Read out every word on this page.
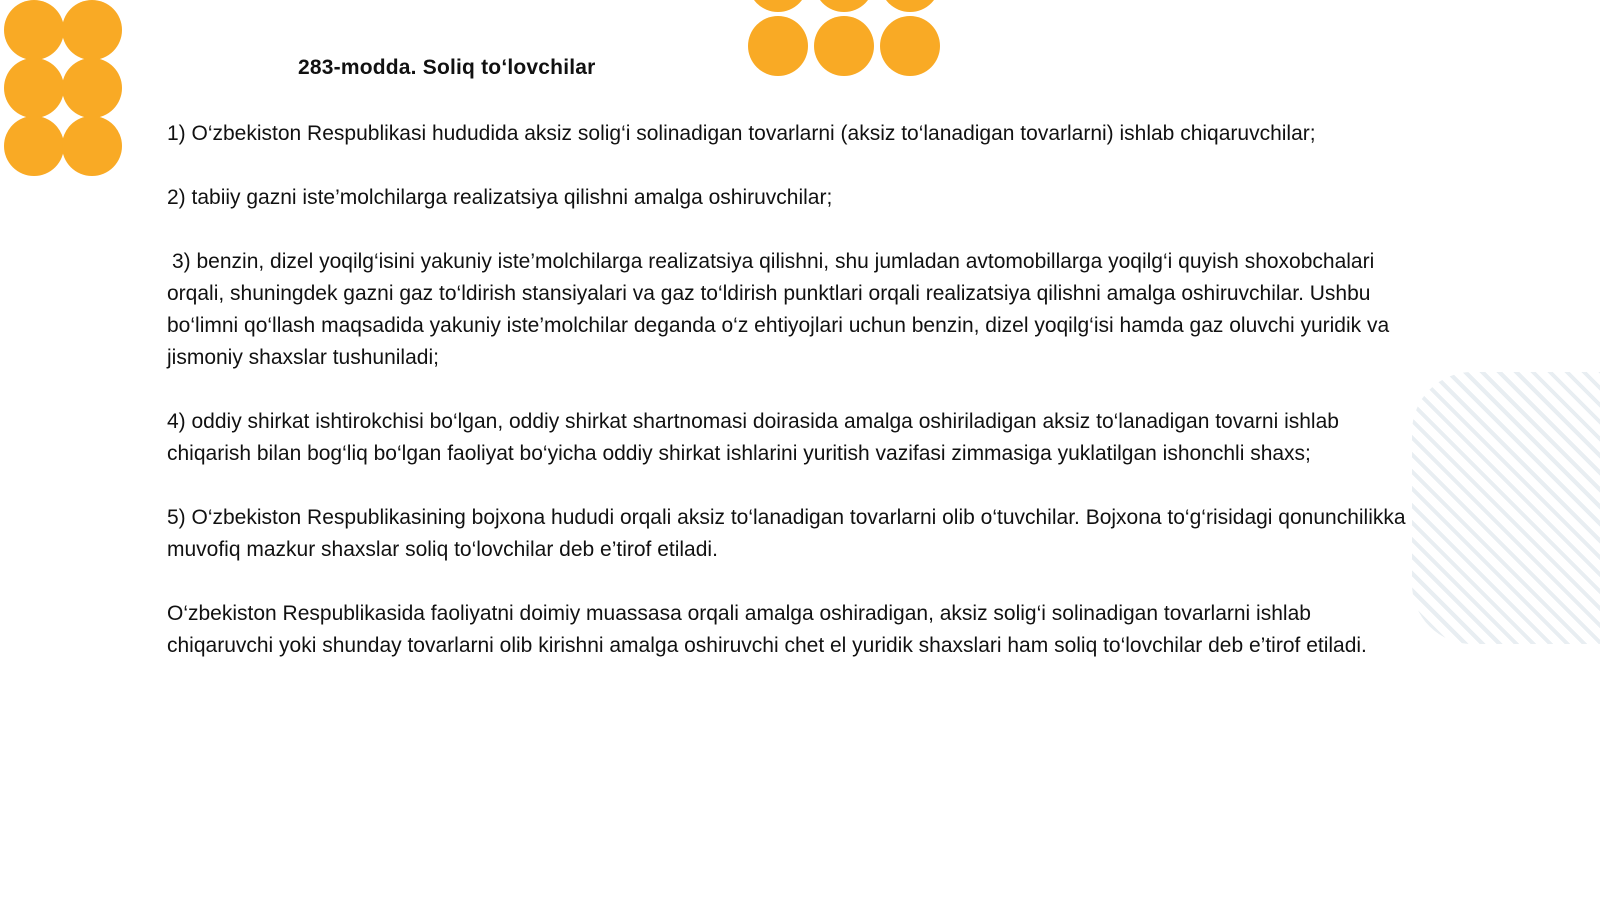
283-modda. Soliq to‘lovchilar

1) O‘zbekiston Respublikasi hududida aksiz solig‘i solinadigan tovarlarni (aksiz to‘lanadigan tovarlarni) ishlab chiqaruvchilar;

2) tabiiy gazni iste’molchilarga realizatsiya qilishni amalga oshiruvchilar;

3) benzin, dizel yoqilg‘isini yakuniy iste’molchilarga realizatsiya qilishni, shu jumladan avtomobillarga yoqilg‘i quyish shoxobchalari orqali, shuningdek gazni gaz to‘ldirish stansiyalari va gaz to‘ldirish punktlari orqali realizatsiya qilishni amalga oshiruvchilar. Ushbu bo‘limni qo‘llash maqsadida yakuniy iste’molchilar deganda o‘z ehtiyojlari uchun benzin, dizel yoqilg‘isi hamda gaz oluvchi yuridik va jismoniy shaxslar tushuniladi;

4) oddiy shirkat ishtirokchisi bo‘lgan, oddiy shirkat shartnomasi doirasida amalga oshiriladigan aksiz to‘lanadigan tovarni ishlab chiqarish bilan bog‘liq bo‘lgan faoliyat bo‘yicha oddiy shirkat ishlarini yuritish vazifasi zimmasiga yuklatilgan ishonchli shaxs;

5) O‘zbekiston Respublikasining bojxona hududi orqali aksiz to‘lanadigan tovarlarni olib o‘tuvchilar. Bojxona to‘g‘risidagi qonunchilikka muvofiq mazkur shaxslar soliq to‘lovchilar deb e’tirof etiladi.

O‘zbekiston Respublikasida faoliyatni doimiy muassasa orqali amalga oshiradigan, aksiz solig‘i solinadigan tovarlarni ishlab chiqaruvchi yoki shunday tovarlarni olib kirishni amalga oshiruvchi chet el yuridik shaxslari ham soliq to‘lovchilar deb e’tirof etiladi.
